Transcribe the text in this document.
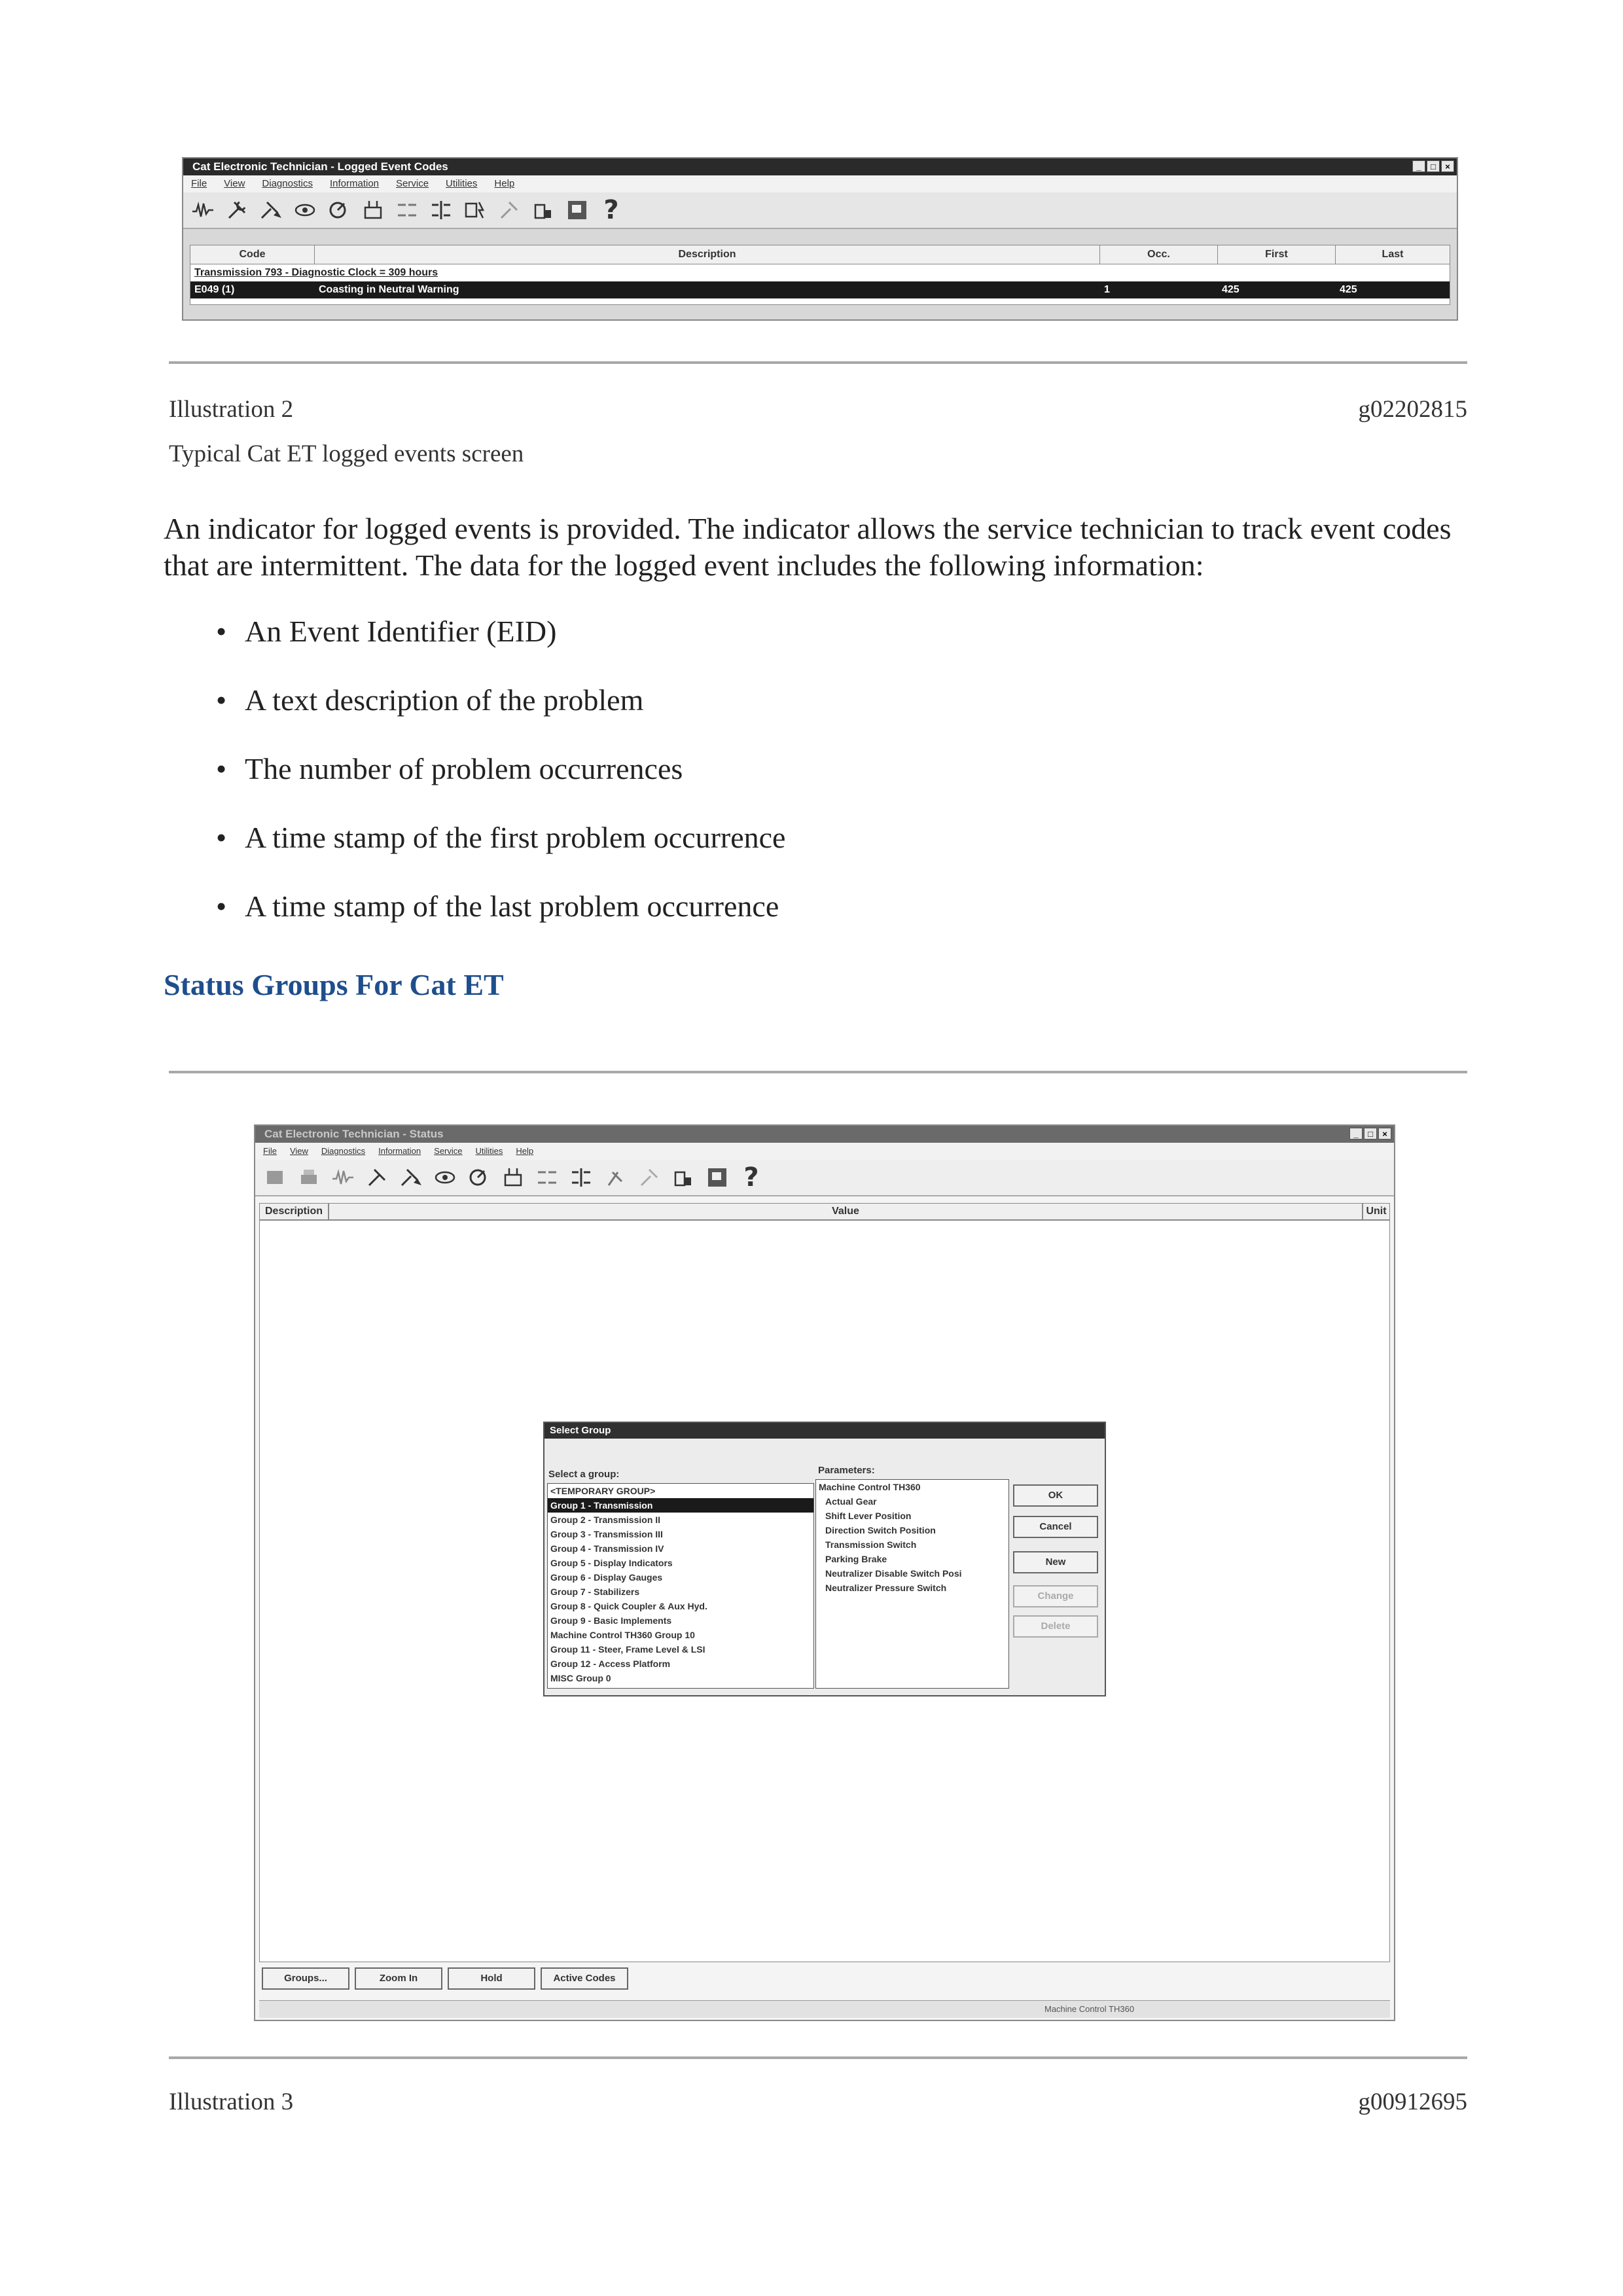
Cat Electronic Technician - Logged Event Codes	_	□	×
File View Diagnostics Information Service Utilities Help
?
Code	Description	Occ.	First	Last
Transmission 793 - Diagnostic Clock = 309 hours
E049 (1)	Coasting in Neutral Warning	1	425	425
Illustration 2	g02202815
Typical Cat ET logged events screen
An indicator for logged events is provided. The indicator allows the service technician to track event codes that are intermittent. The data for the logged event includes the following information:
• An Event Identifier (EID)
• A text description of the problem
• The number of problem occurrences
• A time stamp of the first problem occurrence
• A time stamp of the last problem occurrence
Status Groups For Cat ET
Cat Electronic Technician - Status	_	□	×
File View Diagnostics Information Service Utilities Help
?
Description	Value	Unit
Groups...	Zoom In	Hold	Active Codes
Machine Control TH360
Select Group
Select a group:	Parameters:
<TEMPORARY GROUP>
Group 1 - Transmission
Group 2 - Transmission II
Group 3 - Transmission III
Group 4 - Transmission IV
Group 5 - Display Indicators
Group 6 - Display Gauges
Group 7 - Stabilizers
Group 8 - Quick Coupler & Aux Hyd.
Group 9 - Basic Implements
Machine Control TH360 Group 10
Group 11 - Steer, Frame Level & LSI
Group 12 - Access Platform
MISC Group 0
Machine Control TH360
Actual Gear
Shift Lever Position
Direction Switch Position
Transmission Switch
Parking Brake
Neutralizer Disable Switch Posi
Neutralizer Pressure Switch
OK
Cancel
New
Change
Delete
Illustration 3	g00912695
